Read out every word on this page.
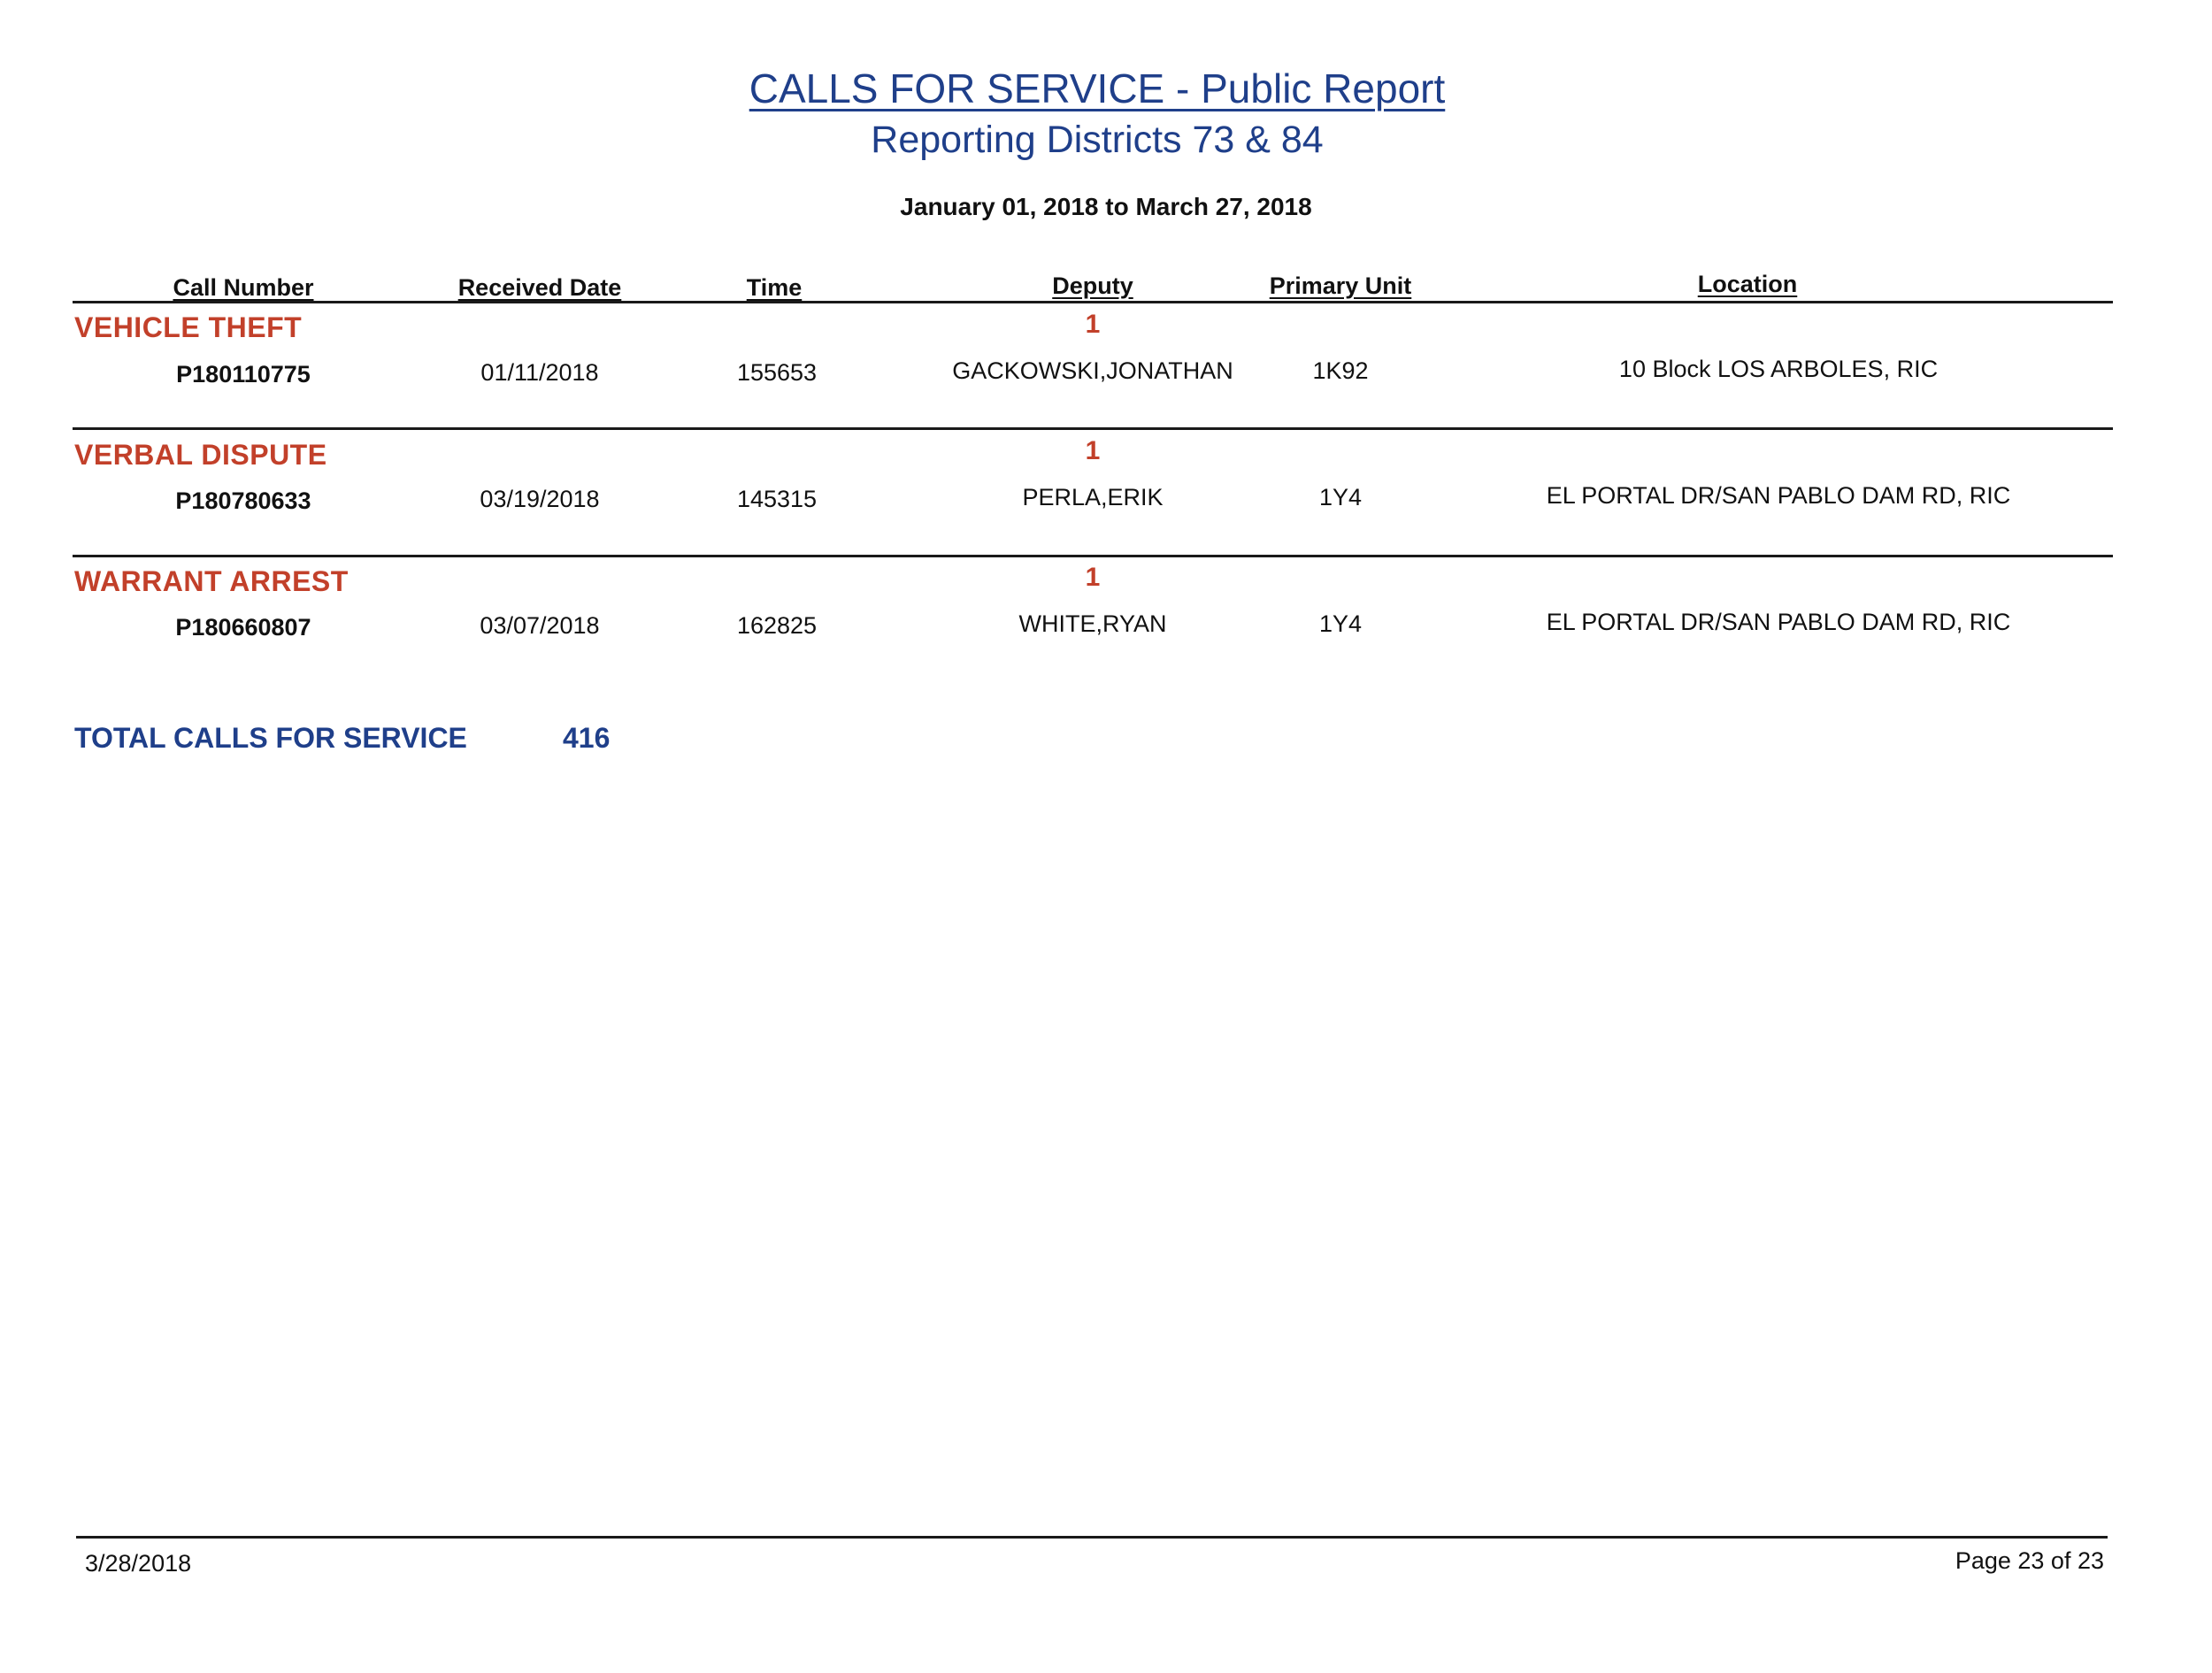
CALLS FOR SERVICE - Public Report
Reporting Districts 73 & 84
January 01, 2018 to March 27, 2018
Call Number	Received Date	Time	Deputy	Primary Unit	Location
VEHICLE THEFT	1
P180110775	01/11/2018	155653	GACKOWSKI,JONATHAN	1K92	10 Block LOS ARBOLES, RIC
VERBAL DISPUTE	1
P180780633	03/19/2018	145315	PERLA,ERIK	1Y4	EL PORTAL DR/SAN PABLO DAM RD, RIC
WARRANT ARREST	1
P180660807	03/07/2018	162825	WHITE,RYAN	1Y4	EL PORTAL DR/SAN PABLO DAM RD, RIC
TOTAL CALLS FOR SERVICE	416
3/28/2018	Page 23 of 23
